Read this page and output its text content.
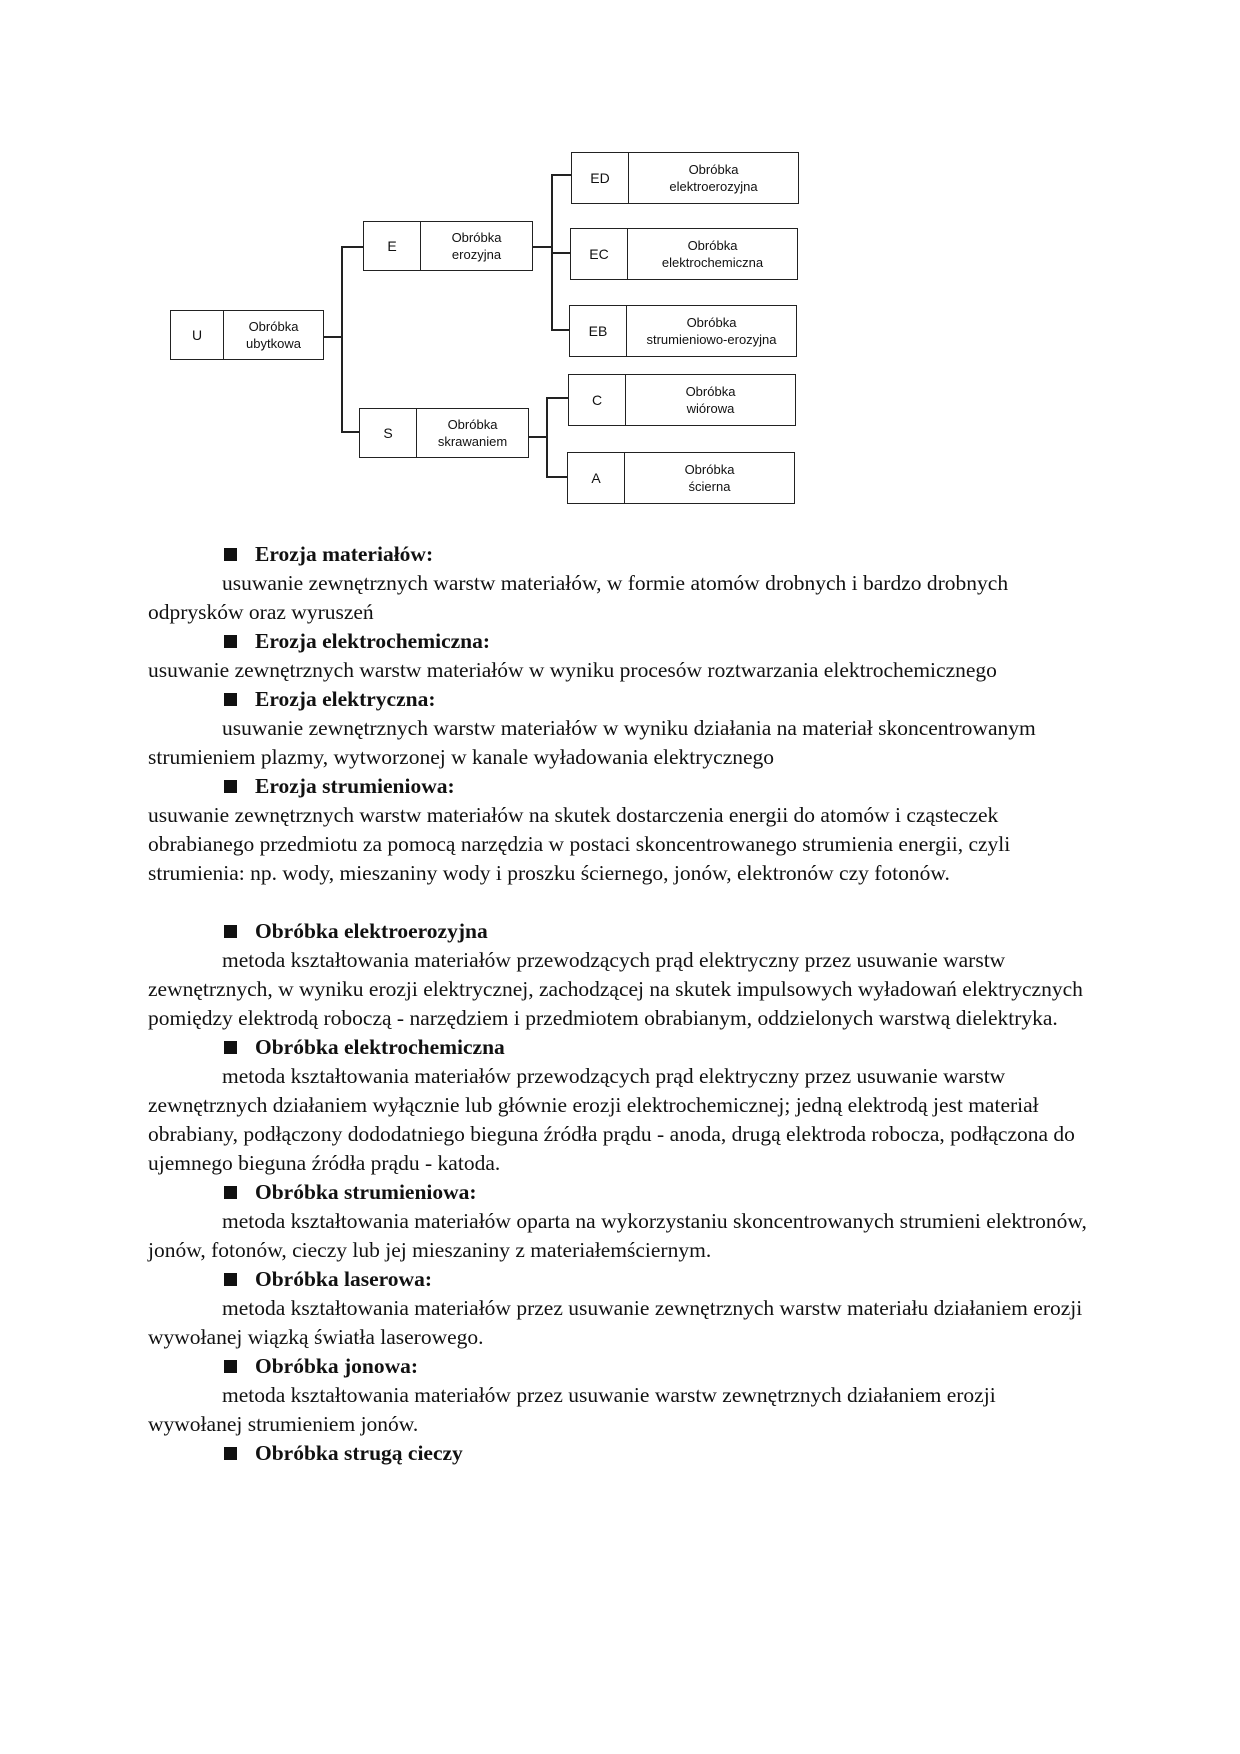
U
Obróbka
ubytkowa
E
Obróbka
erozyjna
S
Obróbka
skrawaniem
ED
Obróbka
elektroerozyjna
EC
Obróbka
elektrochemiczna
EB
Obróbka
strumieniowo-erozyjna
C
Obróbka
wiórowa
A
Obróbka
ścierna
Erozja materiałów:

usuwanie zewnętrznych warstw materiałów, w formie atomów drobnych i bardzo drobnych odprysków oraz wyruszeń

Erozja elektrochemiczna:

usuwanie zewnętrznych warstw materiałów w wyniku procesów roztwarzania elektrochemicznego

Erozja elektryczna:

usuwanie zewnętrznych warstw materiałów w wyniku działania na materiał skoncentrowanym strumieniem plazmy, wytworzonej w kanale wyładowania elektrycznego

Erozja strumieniowa:

usuwanie zewnętrznych warstw materiałów na skutek dostarczenia energii do atomów i cząsteczek obrabianego przedmiotu za pomocą narzędzia w postaci skoncentrowanego strumienia energii, czyli strumienia: np. wody, mieszaniny wody i proszku ściernego, jonów, elektronów czy fotonów.

Obróbka elektroerozyjna

metoda kształtowania materiałów przewodzących prąd elektryczny przez usuwanie warstw zewnętrznych, w wyniku erozji elektrycznej, zachodzącej na skutek impulsowych wyładowań elektrycznych pomiędzy elektrodą roboczą - narzędziem i przedmiotem obrabianym, oddzielonych warstwą dielektryka.

Obróbka elektrochemiczna

metoda kształtowania materiałów przewodzących prąd elektryczny przez usuwanie warstw zewnętrznych działaniem wyłącznie lub głównie erozji elektrochemicznej; jedną elektrodą jest materiał obrabiany, podłączony dododatniego bieguna źródła prądu - anoda, drugą elektroda robocza, podłączona do ujemnego bieguna źródła prądu - katoda.

Obróbka strumieniowa:

metoda kształtowania materiałów oparta na wykorzystaniu skoncentrowanych strumieni elektronów, jonów, fotonów, cieczy lub jej mieszaniny z materiałemściernym.

Obróbka laserowa:

metoda kształtowania materiałów przez usuwanie zewnętrznych warstw materiału działaniem erozji wywołanej wiązką światła laserowego.

Obróbka jonowa:

metoda kształtowania materiałów przez usuwanie warstw zewnętrznych działaniem erozji wywołanej strumieniem jonów.

Obróbka strugą cieczy
